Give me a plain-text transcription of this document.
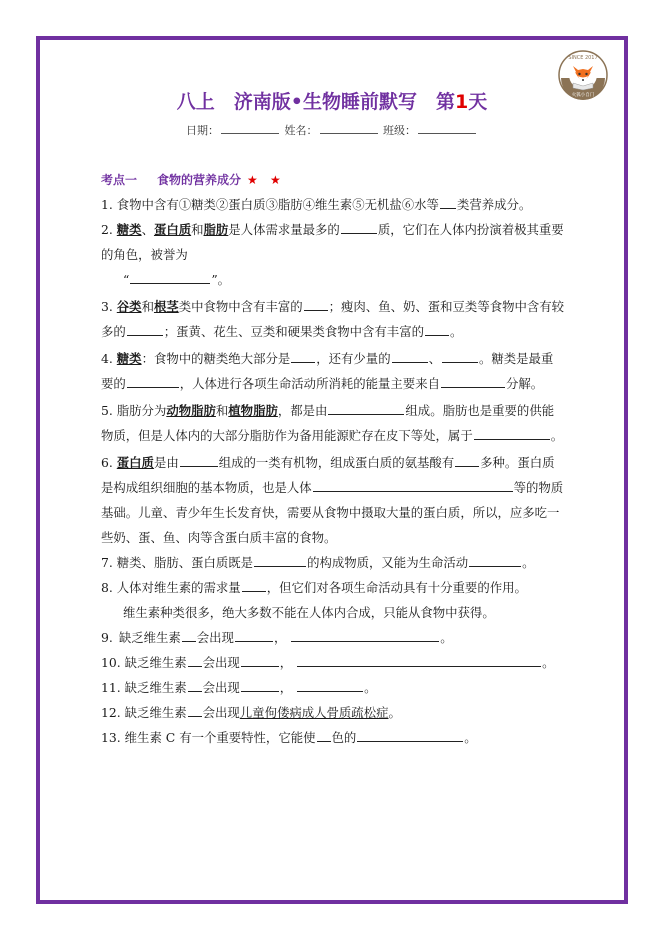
SINCE 2017
火狐小自门
八上　济南版•生物睡前默写　第1天
日期：	姓名：	班级：
考点一 食物的营养成分 ★ ★

1. 食物中含有①糖类②蛋白质③脂肪④维生素⑤无机盐⑥水等 类营养成分。

2. 糖类、蛋白质和脂肪是人体需求量最多的	质，它们在人体内扮演着极其重要的角色，被誉为

“	”。

3. 谷类和根茎类中食物中含有丰富的 ；瘦肉、鱼、奶、蛋和豆类等食物中含有较多的	；蛋黄、花生、豆类和硬果类食物中含有丰富的 。

4. 糖类：食物中的糖类绝大部分是 ，还有少量的	、	。糖类是最重要的	，人体进行各项生命活动所消耗的能量主要来自	分解。

5. 脂肪分为动物脂肪和植物脂肪，都是由	组成。脂肪也是重要的供能物质，但是人体内的大部分脂肪作为备用能源贮存在皮下等处，属于	。

6. 蛋白质是由	组成的一类有机物，组成蛋白质的氨基酸有 多种。蛋白质是构成组织细胞的基本物质，也是人体	等的物质基础。儿童、青少年生长发育快，需要从食物中摄取大量的蛋白质，所以，应多吃一些奶、蛋、鱼、肉等含蛋白质丰富的食物。

7. 糖类、脂肪、蛋白质既是	的构成物质，又能为生命活动	。

8. 人体对维生素的需求量 ，但它们对各项生命活动具有十分重要的作用。

维生素种类很多，绝大多数不能在人体内合成，只能从食物中获得。

9. 缺乏维生素 会出现	，	。

10. 缺乏维生素 会出现	，	。

11. 缺乏维生素 会出现	，	。

12. 缺乏维生素 会出现儿童佝偻病成人骨质疏松症。

13. 维生素 C 有一个重要特性，它能使 色的	。
